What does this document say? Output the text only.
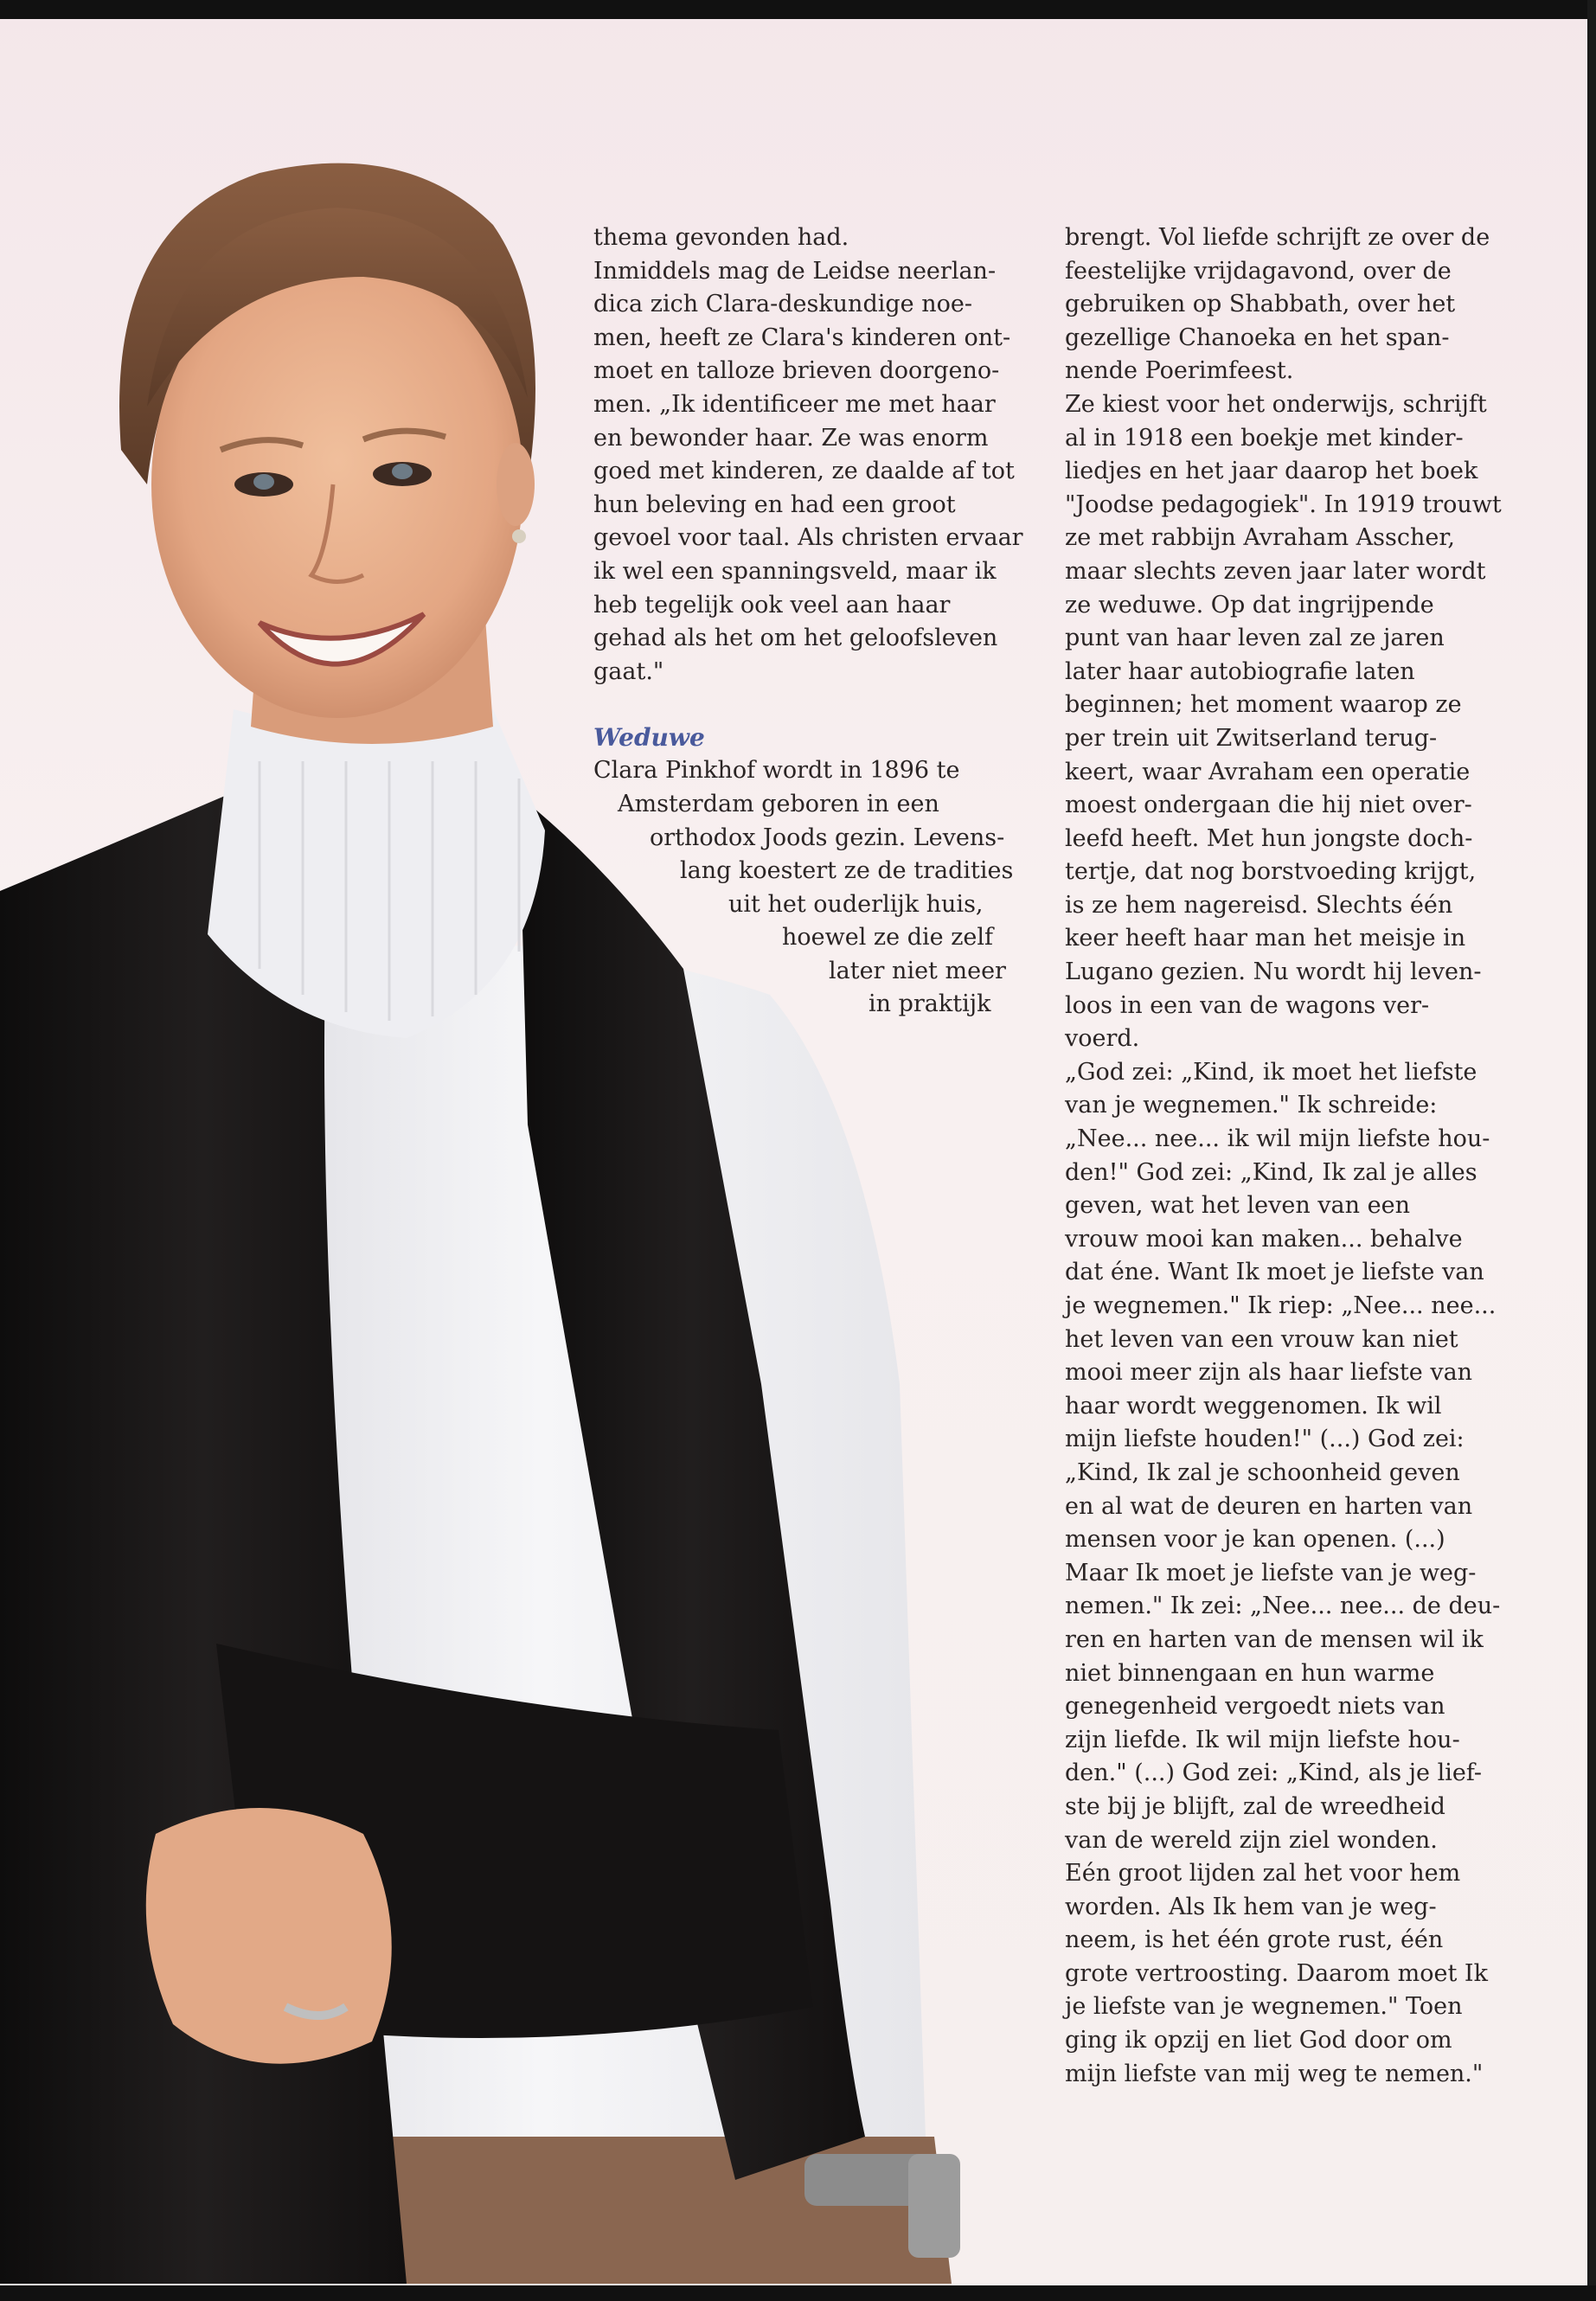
thema gevonden had.
Inmiddels mag de Leidse neerlan-
dica zich Clara-deskundige noe-
men, heeft ze Clara's kinderen ont-
moet en talloze brieven doorgeno-
men. „Ik identificeer me met haar
en bewonder haar. Ze was enorm
goed met kinderen, ze daalde af tot
hun beleving en had een groot
gevoel voor taal. Als christen ervaar
ik wel een spanningsveld, maar ik
heb tegelijk ook veel aan haar
gehad als het om het geloofsleven
gaat."
Weduwe
Clara Pinkhof wordt in 1896 te
Amsterdam geboren in een
orthodox Joods gezin. Levens-
lang koestert ze de tradities
uit het ouderlijk huis,
hoewel ze die zelf
later niet meer
in praktijk
brengt. Vol liefde schrijft ze over de
feestelijke vrijdagavond, over de
gebruiken op Shabbath, over het
gezellige Chanoeka en het span-
nende Poerimfeest.
Ze kiest voor het onderwijs, schrijft
al in 1918 een boekje met kinder-
liedjes en het jaar daarop het boek
"Joodse pedagogiek". In 1919 trouwt
ze met rabbijn Avraham Asscher,
maar slechts zeven jaar later wordt
ze weduwe. Op dat ingrijpende
punt van haar leven zal ze jaren
later haar autobiografie laten
beginnen; het moment waarop ze
per trein uit Zwitserland terug-
keert, waar Avraham een operatie
moest ondergaan die hij niet over-
leefd heeft. Met hun jongste doch-
tertje, dat nog borstvoeding krijgt,
is ze hem nagereisd. Slechts één
keer heeft haar man het meisje in
Lugano gezien. Nu wordt hij leven-
loos in een van de wagons ver-
voerd.
„God zei: „Kind, ik moet het liefste
van je wegnemen." Ik schreide:
„Nee... nee... ik wil mijn liefste hou-
den!" God zei: „Kind, Ik zal je alles
geven, wat het leven van een
vrouw mooi kan maken... behalve
dat éne. Want Ik moet je liefste van
je wegnemen." Ik riep: „Nee... nee...
het leven van een vrouw kan niet
mooi meer zijn als haar liefste van
haar wordt weggenomen. Ik wil
mijn liefste houden!" (...) God zei:
„Kind, Ik zal je schoonheid geven
en al wat de deuren en harten van
mensen voor je kan openen. (...)
Maar Ik moet je liefste van je weg-
nemen." Ik zei: „Nee... nee... de deu-
ren en harten van de mensen wil ik
niet binnengaan en hun warme
genegenheid vergoedt niets van
zijn liefde. Ik wil mijn liefste hou-
den." (...) God zei: „Kind, als je lief-
ste bij je blijft, zal de wreedheid
van de wereld zijn ziel wonden.
Eén groot lijden zal het voor hem
worden. Als Ik hem van je weg-
neem, is het één grote rust, één
grote vertroosting. Daarom moet Ik
je liefste van je wegnemen." Toen
ging ik opzij en liet God door om
mijn liefste van mij weg te nemen."
